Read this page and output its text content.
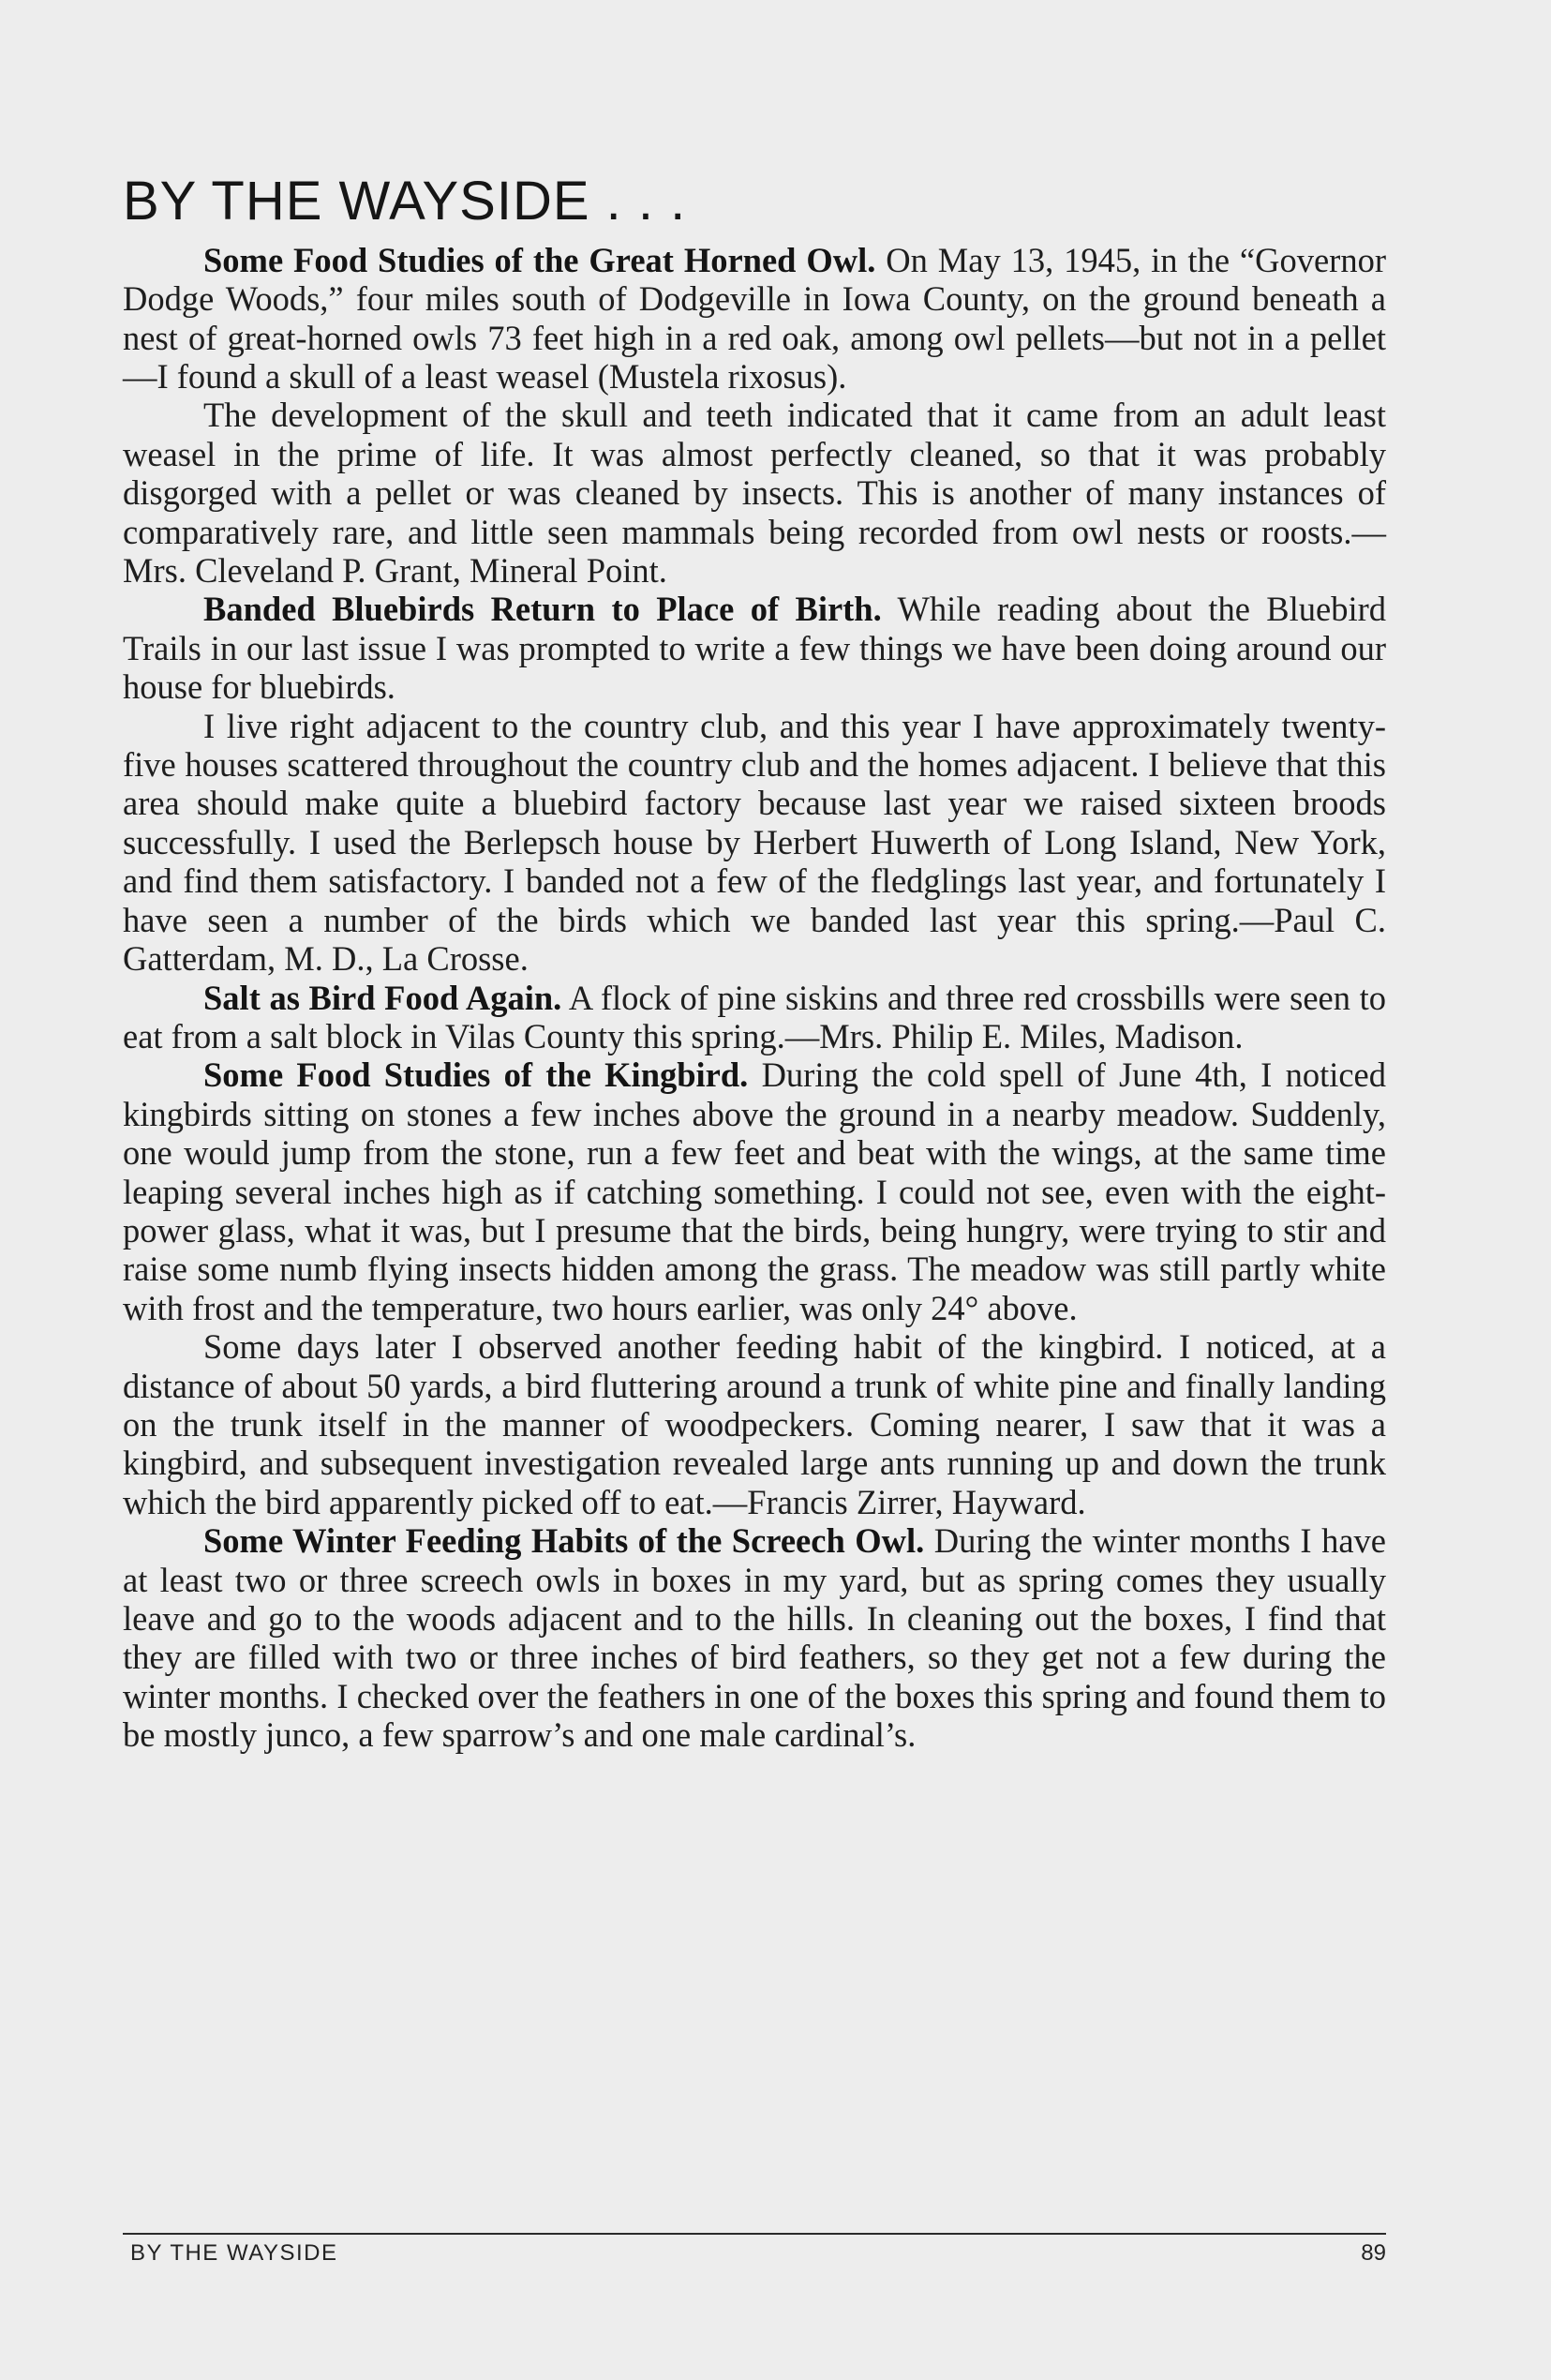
BY THE WAYSIDE . . .

Some Food Studies of the Great Horned Owl. On May 13, 1945, in the “Governor Dodge Woods,” four miles south of Dodgeville in Iowa County, on the ground beneath a nest of great-horned owls 73 feet high in a red oak, among owl pellets—but not in a pellet—I found a skull of a least weasel (Mustela rixosus).

The development of the skull and teeth indicated that it came from an adult least weasel in the prime of life. It was almost perfectly cleaned, so that it was probably disgorged with a pellet or was cleaned by insects. This is another of many instances of comparatively rare, and little seen mammals being recorded from owl nests or roosts.—Mrs. Cleveland P. Grant, Mineral Point.

Banded Bluebirds Return to Place of Birth. While reading about the Bluebird Trails in our last issue I was prompted to write a few things we have been doing around our house for bluebirds.

I live right adjacent to the country club, and this year I have approximately twenty-five houses scattered throughout the country club and the homes adjacent. I believe that this area should make quite a bluebird factory because last year we raised sixteen broods successfully. I used the Berlepsch house by Herbert Huwerth of Long Island, New York, and find them satisfactory. I banded not a few of the fledglings last year, and fortunately I have seen a number of the birds which we banded last year this spring.—Paul C. Gatterdam, M. D., La Crosse.

Salt as Bird Food Again. A flock of pine siskins and three red crossbills were seen to eat from a salt block in Vilas County this spring.—Mrs. Philip E. Miles, Madison.

Some Food Studies of the Kingbird. During the cold spell of June 4th, I noticed kingbirds sitting on stones a few inches above the ground in a nearby meadow. Suddenly, one would jump from the stone, run a few feet and beat with the wings, at the same time leaping several inches high as if catching something. I could not see, even with the eight-power glass, what it was, but I presume that the birds, being hungry, were trying to stir and raise some numb flying insects hidden among the grass. The meadow was still partly white with frost and the temperature, two hours earlier, was only 24° above.

Some days later I observed another feeding habit of the kingbird. I noticed, at a distance of about 50 yards, a bird fluttering around a trunk of white pine and finally landing on the trunk itself in the manner of woodpeckers. Coming nearer, I saw that it was a kingbird, and subsequent investigation revealed large ants running up and down the trunk which the bird apparently picked off to eat.—Francis Zirrer, Hayward.

Some Winter Feeding Habits of the Screech Owl. During the winter months I have at least two or three screech owls in boxes in my yard, but as spring comes they usually leave and go to the woods adjacent and to the hills. In cleaning out the boxes, I find that they are filled with two or three inches of bird feathers, so they get not a few during the winter months. I checked over the feathers in one of the boxes this spring and found them to be mostly junco, a few sparrow’s and one male cardinal’s.

BY THE WAYSIDE	89
